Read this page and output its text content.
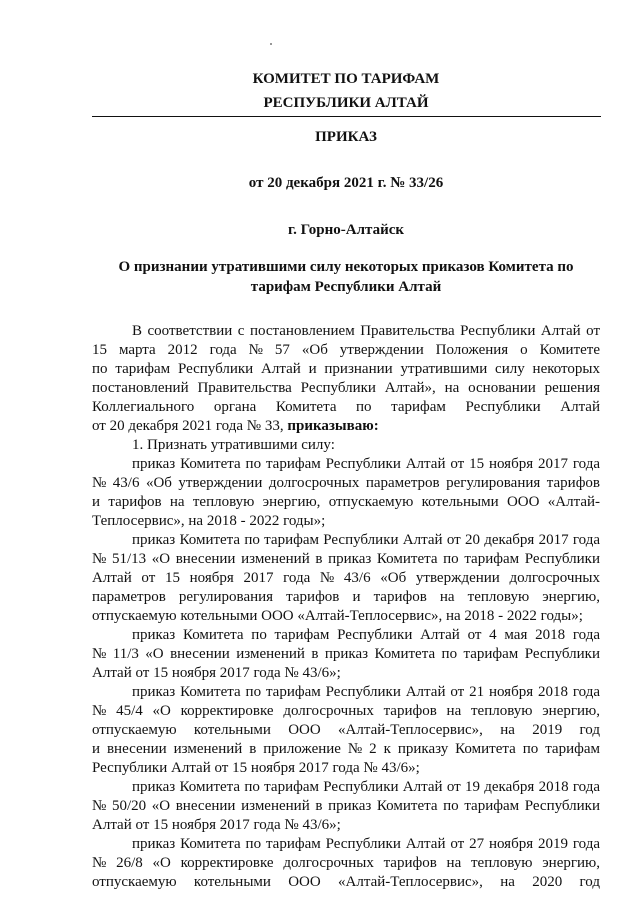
КОМИТЕТ ПО ТАРИФАМ
РЕСПУБЛИКИ АЛТАЙ
ПРИКАЗ
от 20 декабря 2021 г. № 33/26
г. Горно-Алтайск
О признании утратившими силу некоторых приказов Комитета по
тарифам Республики Алтай
В соответствии с постановлением Правительства Республики Алтай от
15 марта 2012 года № 57 «Об утверждении Положения о Комитете
по тарифам Республики Алтай и признании утратившими силу некоторых
постановлений Правительства Республики Алтай», на основании решения
Коллегиального органа Комитета по тарифам Республики Алтай
от 20 декабря 2021 года № 33, приказываю:
1. Признать утратившими силу:
приказ Комитета по тарифам Республики Алтай от 15 ноября 2017 года
№ 43/6 «Об утверждении долгосрочных параметров регулирования тарифов
и тарифов на тепловую энергию, отпускаемую котельными ООО «Алтай-
Теплосервис», на 2018 - 2022 годы»;
приказ Комитета по тарифам Республики Алтай от 20 декабря 2017 года
№ 51/13 «О внесении изменений в приказ Комитета по тарифам Республики
Алтай от 15 ноября 2017 года № 43/6 «Об утверждении долгосрочных
параметров регулирования тарифов и тарифов на тепловую энергию,
отпускаемую котельными ООО «Алтай-Теплосервис», на 2018 - 2022 годы»;
приказ Комитета по тарифам Республики Алтай от 4 мая 2018 года
№ 11/3 «О внесении изменений в приказ Комитета по тарифам Республики
Алтай от 15 ноября 2017 года № 43/6»;
приказ Комитета по тарифам Республики Алтай от 21 ноября 2018 года
№ 45/4 «О корректировке долгосрочных тарифов на тепловую энергию,
отпускаемую котельными ООО «Алтай-Теплосервис», на 2019 год
и внесении изменений в приложение № 2 к приказу Комитета по тарифам
Республики Алтай от 15 ноября 2017 года № 43/6»;
приказ Комитета по тарифам Республики Алтай от 19 декабря 2018 года
№ 50/20 «О внесении изменений в приказ Комитета по тарифам Республики
Алтай от 15 ноября 2017 года № 43/6»;
приказ Комитета по тарифам Республики Алтай от 27 ноября 2019 года
№ 26/8 «О корректировке долгосрочных тарифов на тепловую энергию,
отпускаемую котельными ООО «Алтай-Теплосервис», на 2020 год
